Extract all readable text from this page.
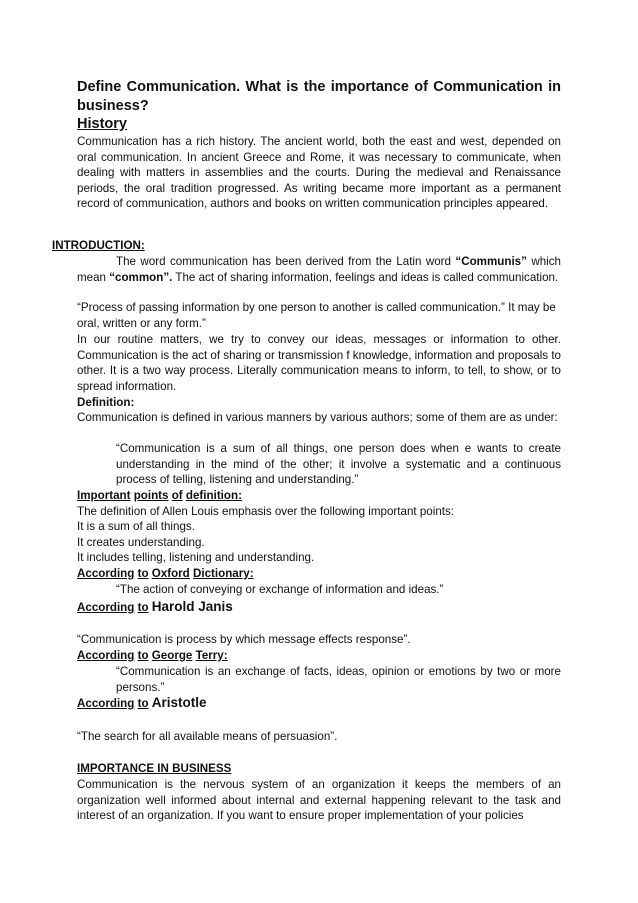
Define Communication. What is the importance of Communication in business?

History

Communication has a rich history. The ancient world, both the east and west, depended on oral communication. In ancient Greece and Rome, it was necessary to communicate, when dealing with matters in assemblies and the courts. During the medieval and Renaissance periods, the oral tradition progressed. As writing became more important as a permanent record of communication, authors and books on written communication principles appeared.

INTRODUCTION:

The word communication has been derived from the Latin word “Communis” which mean “common”. The act of sharing information, feelings and ideas is called communication.

“Process of passing information by one person to another is called communication.” It may be oral, written or any form.”

In our routine matters, we try to convey our ideas, messages or information to other. Communication is the act of sharing or transmission f knowledge, information and proposals to other. It is a two way process. Literally communication means to inform, to tell, to show, or to spread information.

Definition:

Communication is defined in various manners by various authors; some of them are as under:

“Communication is a sum of all things, one person does when e wants to create understanding in the mind of the other; it involve a systematic and a continuous process of telling, listening and understanding.”

Important points of definition:

The definition of Allen Louis emphasis over the following important points:

It is a sum of all things.

It creates understanding.

It includes telling, listening and understanding.

According to Oxford Dictionary:

“The action of conveying or exchange of information and ideas.”

According to Harold Janis

“Communication is process by which message effects response”.

According to George Terry:

“Communication is an exchange of facts, ideas, opinion or emotions by two or more persons.”

According to Aristotle

“The search for all available means of persuasion”.

IMPORTANCE IN BUSINESS

Communication is the nervous system of an organization it keeps the members of an organization well informed about internal and external happening relevant to the task and interest of an organization. If you want to ensure proper implementation of your policies
